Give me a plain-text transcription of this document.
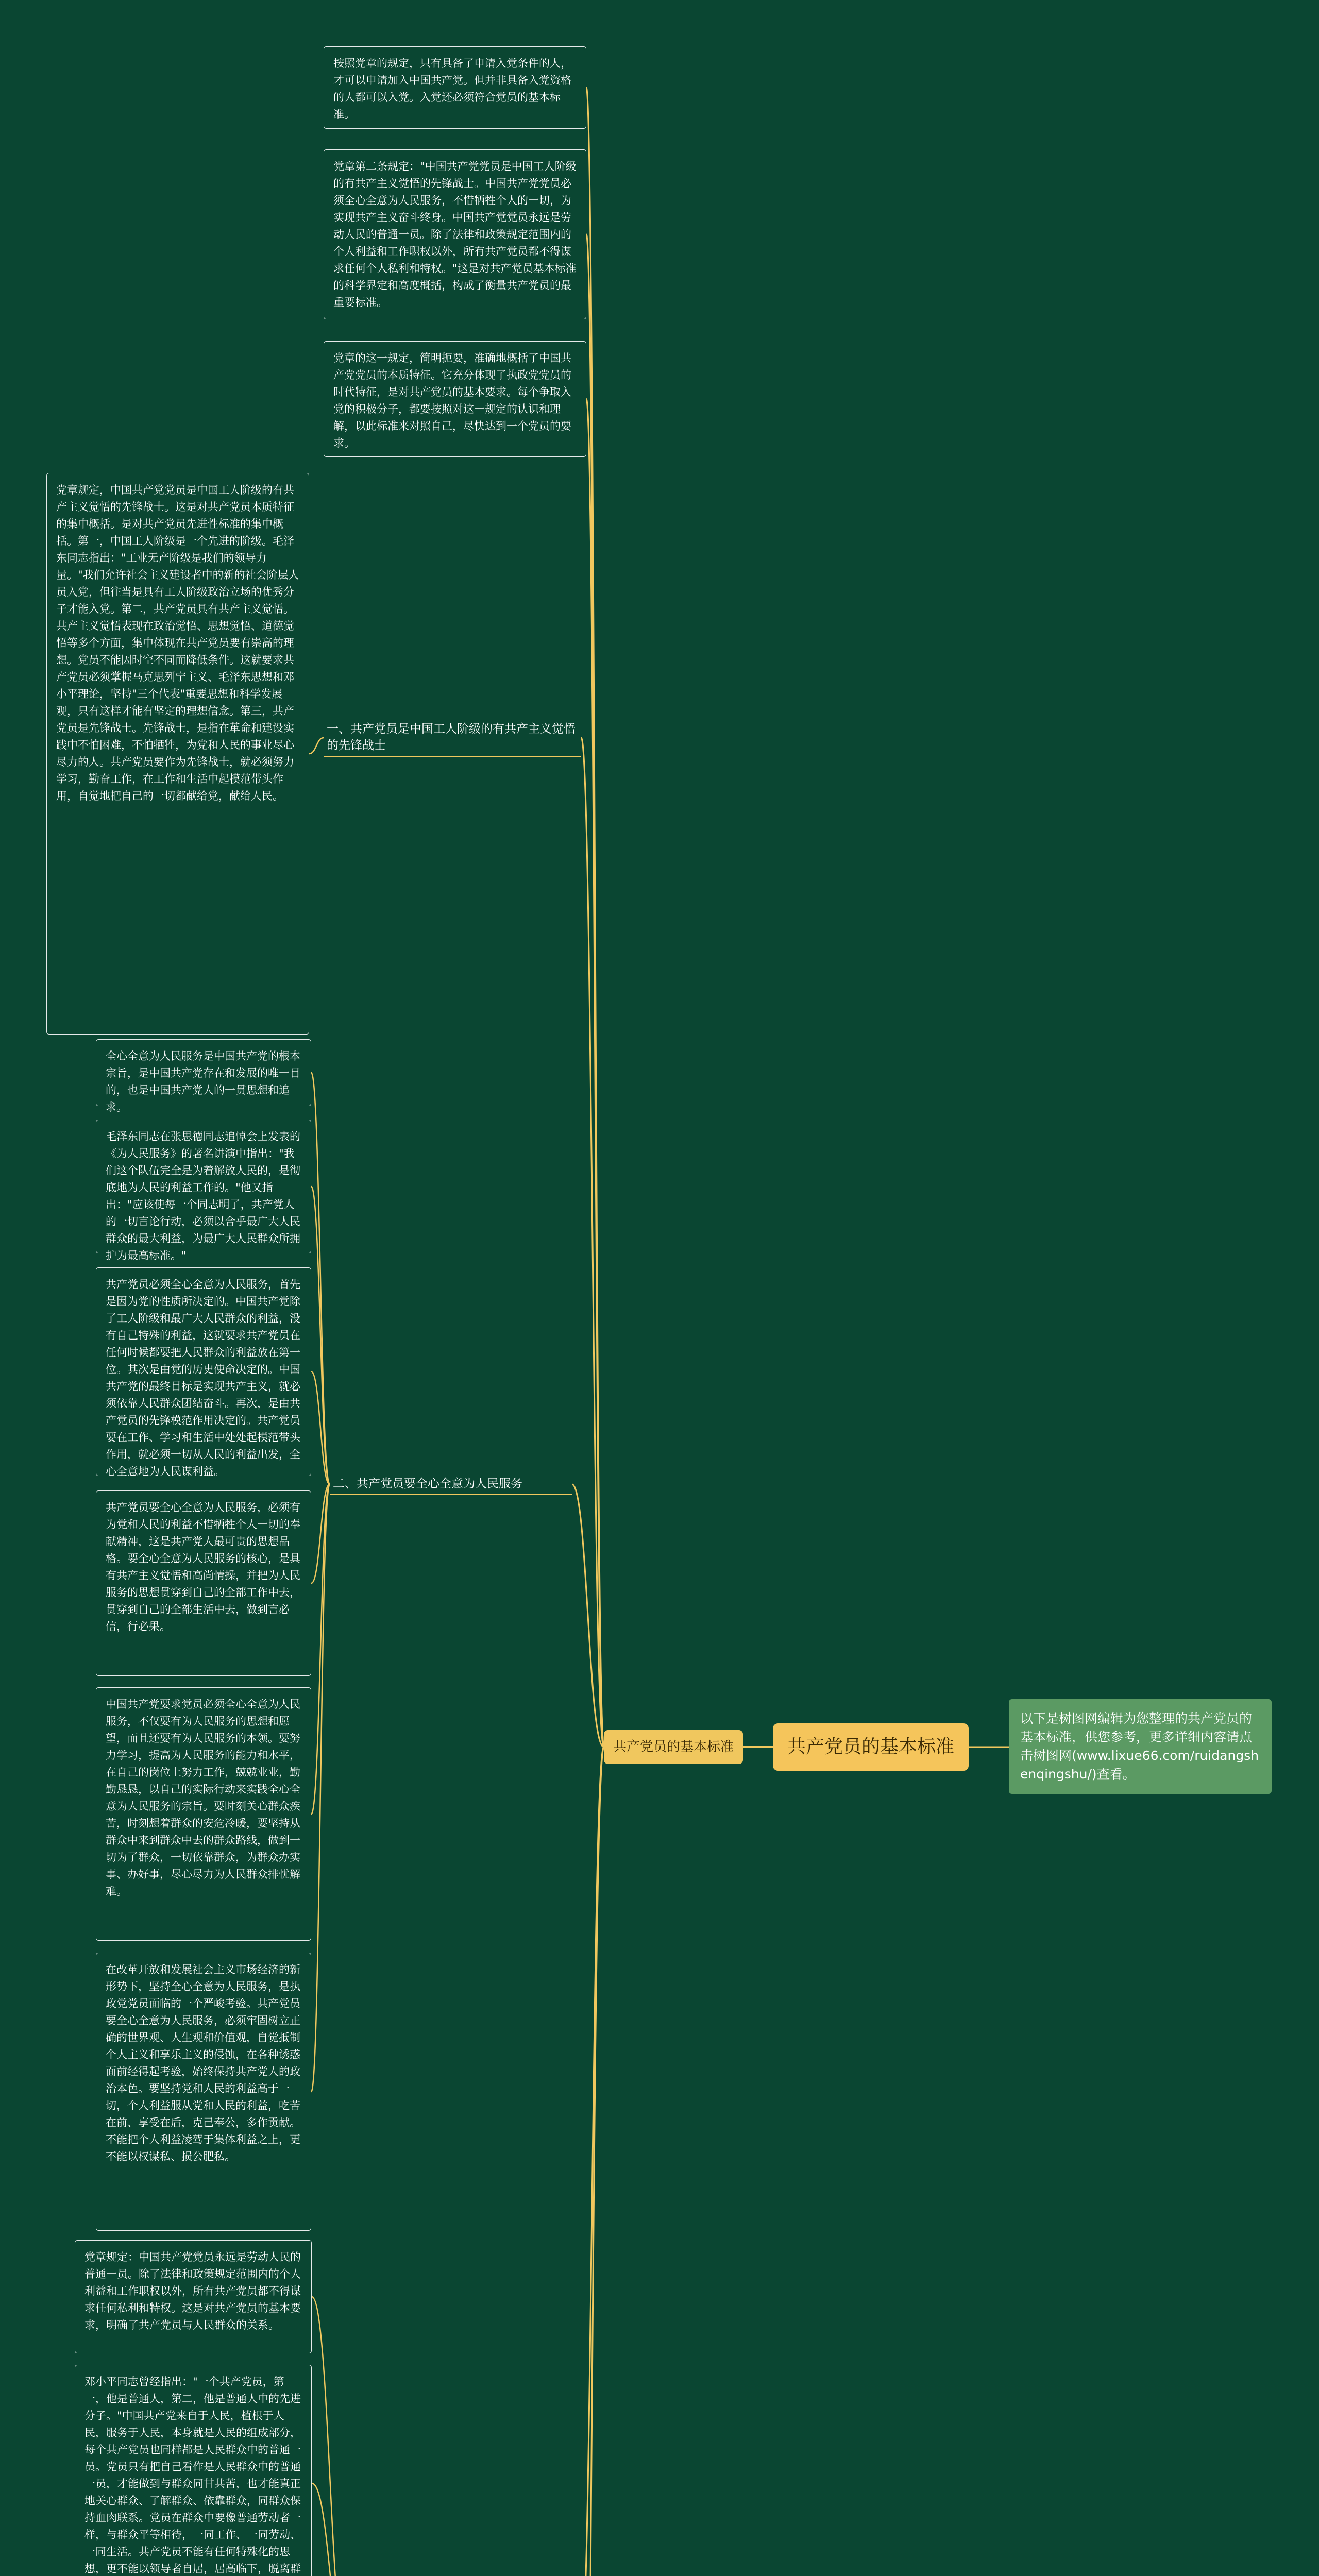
共产党员的基本标准
以下是树图网编辑为您整理的共产党员的基本标准，供您参考，更多详细内容请点击树图网(www.lixue66.com/ruidangshenqingshu/)查看。
共产党员的基本标准
按照党章的规定，只有具备了申请入党条件的人，才可以申请加入中国共产党。但并非具备入党资格的人都可以入党。入党还必须符合党员的基本标准。
党章第二条规定："中国共产党党员是中国工人阶级的有共产主义觉悟的先锋战士。中国共产党党员必须全心全意为人民服务，不惜牺牲个人的一切，为实现共产主义奋斗终身。中国共产党党员永远是劳动人民的普通一员。除了法律和政策规定范围内的个人利益和工作职权以外，所有共产党员都不得谋求任何个人私利和特权。"这是对共产党员基本标准的科学界定和高度概括，构成了衡量共产党员的最重要标准。
党章的这一规定，简明扼要，准确地概括了中国共产党党员的本质特征。它充分体现了执政党党员的时代特征，是对共产党员的基本要求。每个争取入党的积极分子，都要按照对这一规定的认识和理解，以此标准来对照自己，尽快达到一个党员的要求。
一、共产党员是中国工人阶级的有共产主义觉悟的先锋战士
党章规定，中国共产党党员是中国工人阶级的有共产主义觉悟的先锋战士。这是对共产党员本质特征的集中概括。是对共产党员先进性标准的集中概括。第一，中国工人阶级是一个先进的阶级。毛泽东同志指出："工业无产阶级是我们的领导力量。"我们允许社会主义建设者中的新的社会阶层人员入党，但往当是具有工人阶级政治立场的优秀分子才能入党。第二，共产党员具有共产主义觉悟。共产主义觉悟表现在政治觉悟、思想觉悟、道德觉悟等多个方面，集中体现在共产党员要有崇高的理想。党员不能因时空不同而降低条件。这就要求共产党员必须掌握马克思列宁主义、毛泽东思想和邓小平理论，坚持"三个代表"重要思想和科学发展观，只有这样才能有坚定的理想信念。第三，共产党员是先锋战士。先锋战士，是指在革命和建设实践中不怕困难，不怕牺牲，为党和人民的事业尽心尽力的人。共产党员要作为先锋战士，就必须努力学习，勤奋工作，在工作和生活中起模范带头作用，自觉地把自己的一切都献给党，献给人民。
二、共产党员要全心全意为人民服务
全心全意为人民服务是中国共产党的根本宗旨，是中国共产党存在和发展的唯一目的，也是中国共产党人的一贯思想和追求。
毛泽东同志在张思德同志追悼会上发表的《为人民服务》的著名讲演中指出："我们这个队伍完全是为着解放人民的，是彻底地为人民的利益工作的。"他又指出："应该使每一个同志明了，共产党人的一切言论行动，必须以合乎最广大人民群众的最大利益，为最广大人民群众所拥护为最高标准。"
共产党员必须全心全意为人民服务，首先是因为党的性质所决定的。中国共产党除了工人阶级和最广大人民群众的利益，没有自己特殊的利益，这就要求共产党员在任何时候都要把人民群众的利益放在第一位。其次是由党的历史使命决定的。中国共产党的最终目标是实现共产主义，就必须依靠人民群众团结奋斗。再次，是由共产党员的先锋模范作用决定的。共产党员要在工作、学习和生活中处处起模范带头作用，就必须一切从人民的利益出发，全心全意地为人民谋利益。
共产党员要全心全意为人民服务，必须有为党和人民的利益不惜牺牲个人一切的奉献精神，这是共产党人最可贵的思想品格。要全心全意为人民服务的核心，是具有共产主义觉悟和高尚情操，并把为人民服务的思想贯穿到自己的全部工作中去，贯穿到自己的全部生活中去，做到言必信，行必果。
中国共产党要求党员必须全心全意为人民服务，不仅要有为人民服务的思想和愿望，而且还要有为人民服务的本领。要努力学习，提高为人民服务的能力和水平，在自己的岗位上努力工作，兢兢业业，勤勤恳恳，以自己的实际行动来实践全心全意为人民服务的宗旨。要时刻关心群众疾苦，时刻想着群众的安危冷暖，要坚持从群众中来到群众中去的群众路线，做到一切为了群众，一切依靠群众，为群众办实事、办好事，尽心尽力为人民群众排忧解难。
在改革开放和发展社会主义市场经济的新形势下，坚持全心全意为人民服务，是执政党党员面临的一个严峻考验。共产党员要全心全意为人民服务，必须牢固树立正确的世界观、人生观和价值观，自觉抵制个人主义和享乐主义的侵蚀，在各种诱惑面前经得起考验，始终保持共产党人的政治本色。要坚持党和人民的利益高于一切，个人利益服从党和人民的利益，吃苦在前、享受在后，克己奉公，多作贡献。不能把个人利益凌驾于集体利益之上，更不能以权谋私、损公肥私。
党章规定：中国共产党党员永远是劳动人民的普通一员。除了法律和政策规定范围内的个人利益和工作职权以外，所有共产党员都不得谋求任何私利和特权。这是对共产党员的基本要求，明确了共产党员与人民群众的关系。
邓小平同志曾经指出："一个共产党员，第一，他是普通人，第二，他是普通人中的先进分子。"中国共产党来自于人民，植根于人民，服务于人民，本身就是人民的组成部分，每个共产党员也同样都是人民群众中的普通一员。党员只有把自己看作是人民群众中的普通一员，才能做到与群众同甘共苦，也才能真正地关心群众、了解群众、依靠群众，同群众保持血肉联系。党员在群众中要像普通劳动者一样，与群众平等相待，一同工作、一同劳动、一同生活。共产党员不能有任何特殊化的思想，更不能以领导者自居，居高临下，脱离群
